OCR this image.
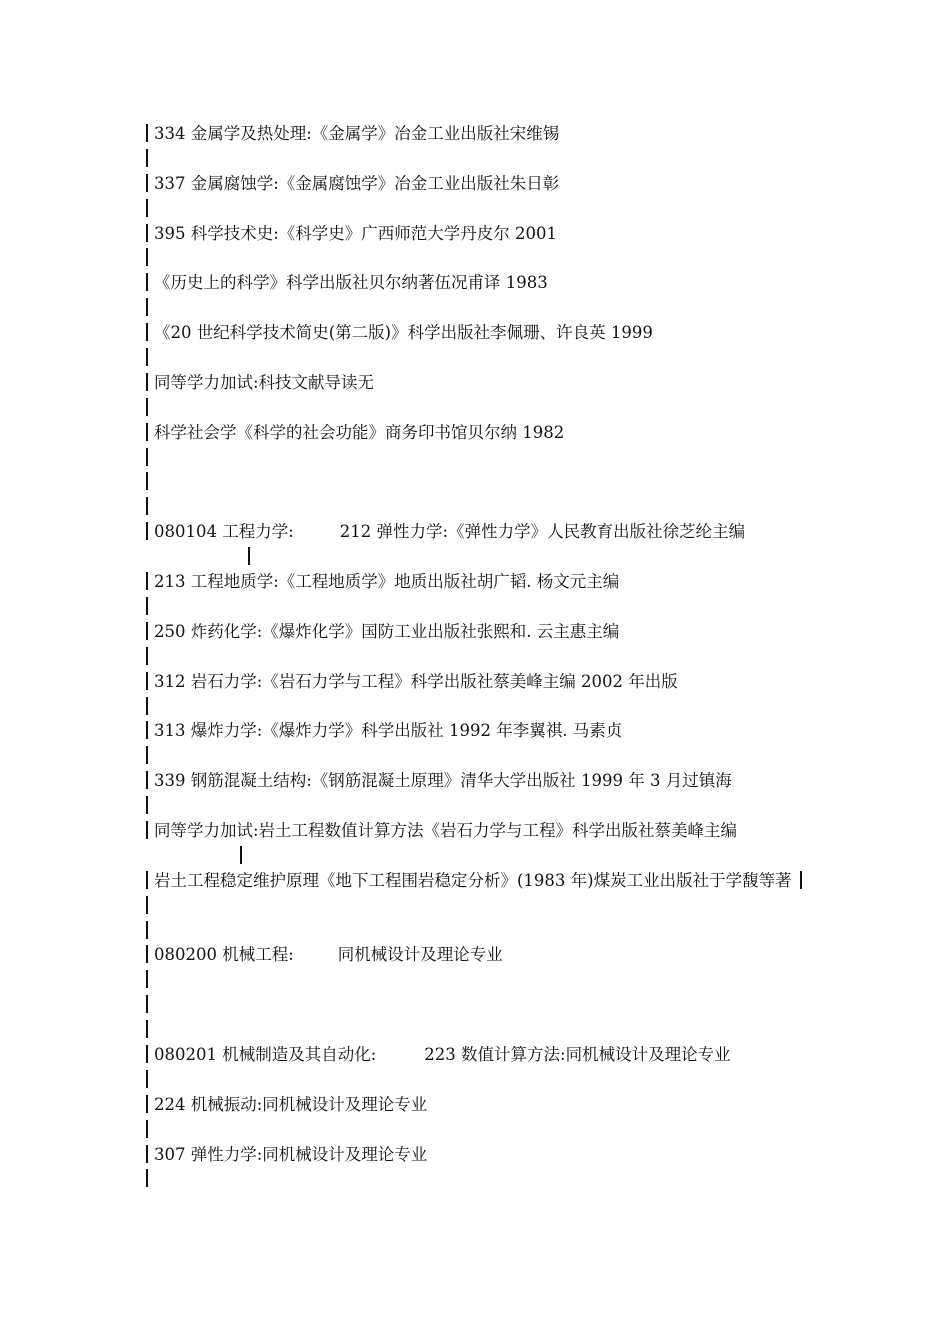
334 金属学及热处理:《金属学》冶金工业出版社宋维锡
337 金属腐蚀学:《金属腐蚀学》冶金工业出版社朱日彰
395 科学技术史:《科学史》广西师范大学丹皮尔 2001
《历史上的科学》科学出版社贝尔纳著伍况甫译 1983
《20 世纪科学技术简史(第二版)》科学出版社李佩珊、许良英 1999
同等学力加试:科技文献导读无
科学社会学《科学的社会功能》商务印书馆贝尔纳 1982
080104 工程力学:	212 弹性力学:《弹性力学》人民教育出版社徐芝纶主编
213 工程地质学:《工程地质学》地质出版社胡广韬. 杨文元主编
250 炸药化学:《爆炸化学》国防工业出版社张熙和. 云主惠主编
312 岩石力学:《岩石力学与工程》科学出版社蔡美峰主编 2002 年出版
313 爆炸力学:《爆炸力学》科学出版社 1992 年李翼祺. 马素贞
339 钢筋混凝土结构:《钢筋混凝土原理》清华大学出版社 1999 年 3 月过镇海
同等学力加试:岩土工程数值计算方法《岩石力学与工程》科学出版社蔡美峰主编
岩土工程稳定维护原理《地下工程围岩稳定分析》(1983 年)煤炭工业出版社于学馥等著
080200 机械工程:	同机械设计及理论专业
080201 机械制造及其自动化:	223 数值计算方法:同机械设计及理论专业
224 机械振动:同机械设计及理论专业
307 弹性力学:同机械设计及理论专业
